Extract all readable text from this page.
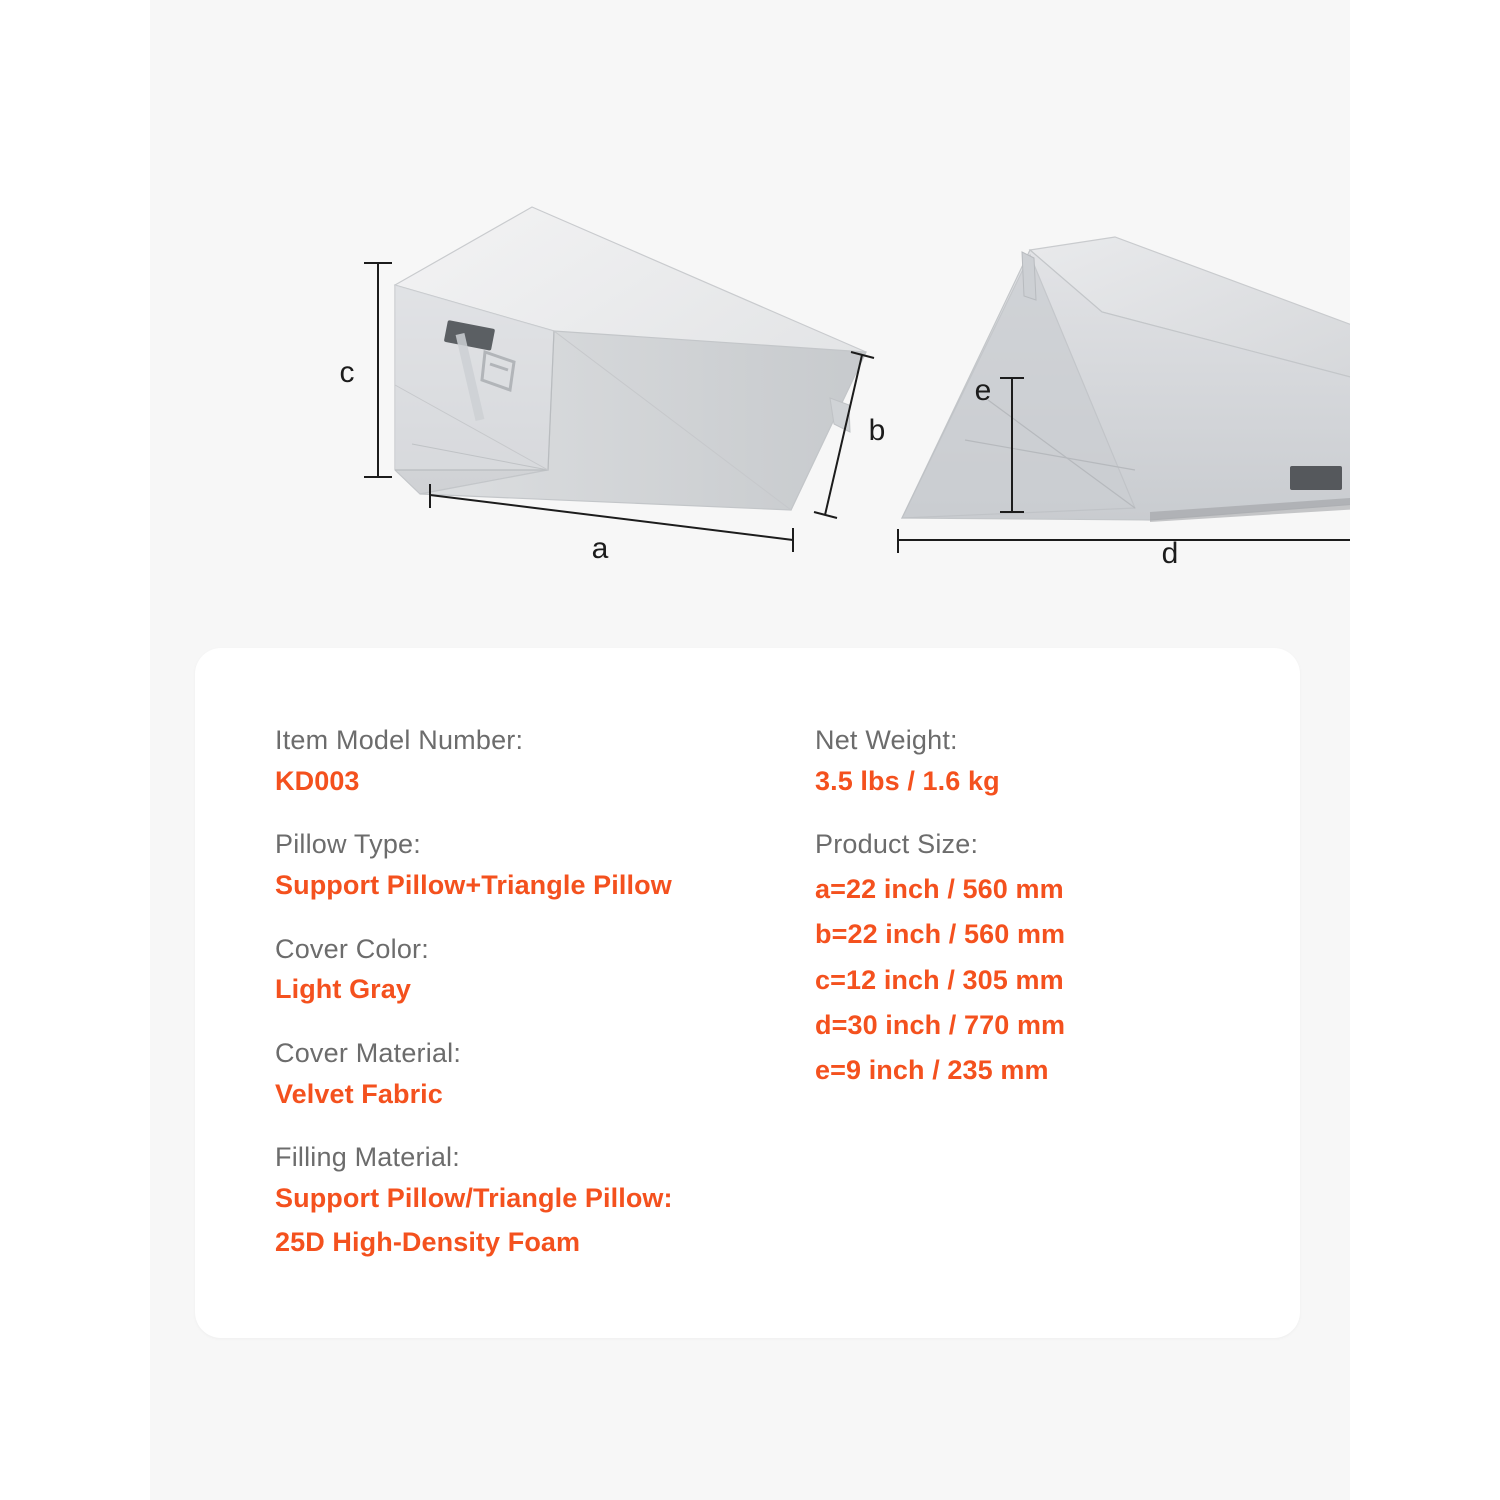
c
a
b
e
d
Item Model Number:
KD003
Pillow Type:
Support Pillow+Triangle Pillow
Cover Color:
Light Gray
Cover Material:
Velvet Fabric
Filling Material:
Support Pillow/Triangle Pillow:
25D High-Density Foam
Net Weight:
3.5 lbs / 1.6 kg
Product Size:
a=22 inch / 560 mm
b=22 inch / 560 mm
c=12 inch / 305 mm
d=30 inch / 770 mm
e=9 inch / 235 mm
